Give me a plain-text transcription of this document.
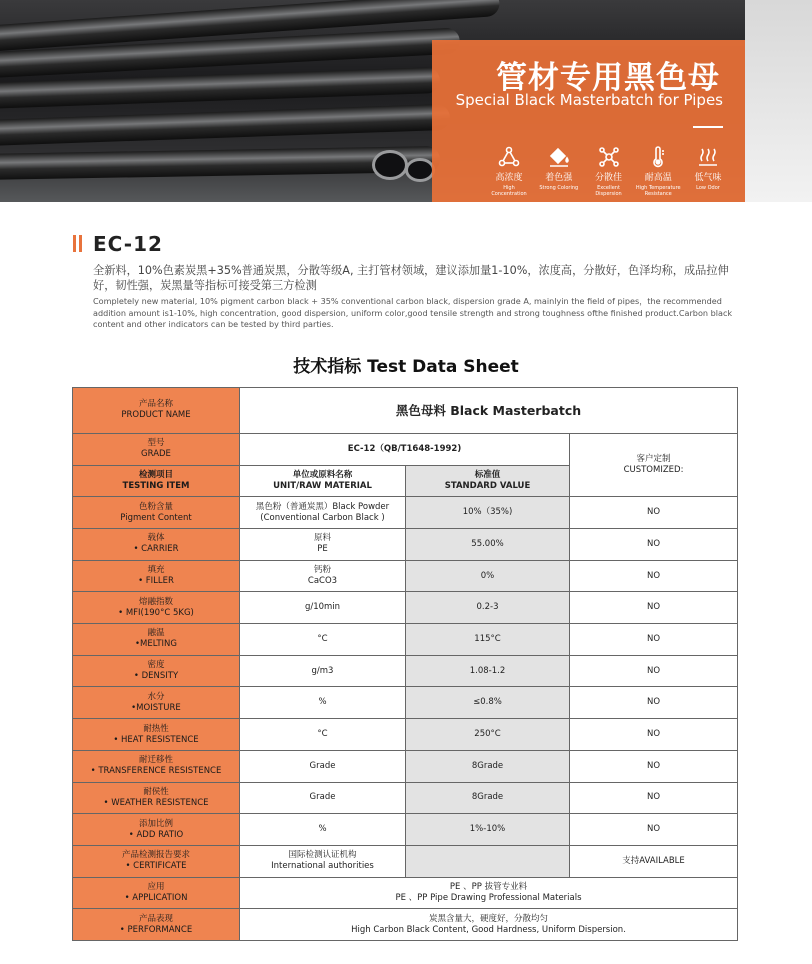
管材专用黑色母
Special Black Masterbatch for Pipes
高浓度
High Concentration
着色强
Strong Coloring
分散佳
Excellent Dispersion
耐高温
High Temperature Resistance
低气味
Low Odor
EC-12
全新料，10%色素炭黑+35%普通炭黑，分散等级A, 主打管材领域，建议添加量1-10%，浓度高，分散好，色泽均称，成品拉伸好，韧性强，炭黑量等指标可接受第三方检测
Completely new material, 10% pigment carbon black + 35% conventional carbon black, dispersion grade A, mainlyin the field of pipes，the recommended addition amount is1-10%, high concentration, good dispersion, uniform color,good tensile strength and strong toughness ofthe finished product.Carbon black content and other indicators can be tested by third parties.
技术指标 Test Data Sheet
产品名称
PRODUCT NAME	黑色母料 Black Masterbatch		

型号
GRADE	EC-12（QB/T1648-1992)		客户定制
CUSTOMIZED:

检测项目
TESTING ITEM	单位或原料名称
UNIT/RAW MATERIAL	标准值
STANDARD VALUE	

色粉含量
Pigment Content	黑色粉（普通炭黑）Black Powder
(Conventional Carbon Black )	10%（35%)	NO

载体
• CARRIER	原料
PE	55.00%	NO

填充
• FILLER	钙粉
CaCO3	0%	NO

熔融指数
• MFI(190°C 5KG)	g/10min	0.2-3	NO

融温
•MELTING	°C	115°C	NO

密度
• DENSITY	g/m3	1.08-1.2	NO

水分
•MOISTURE	%	≤0.8%	NO

耐热性
• HEAT RESISTENCE	°C	250°C	NO

耐迁移性
• TRANSFERENCE RESISTENCE	Grade	8Grade	NO

耐侯性
• WEATHER RESISTENCE	Grade	8Grade	NO

添加比例
• ADD RATIO	%	1%-10%	NO

产品检测报告要求
• CERTIFICATE	国际检测认证机构
International authorities		支持AVAILABLE

应用
• APPLICATION	PE 、PP 拔管专业料
PE 、PP Pipe Drawing Professional Materials		

产品表现
• PERFORMANCE	炭黑含量大，硬度好，分散均匀
High Carbon Black Content, Good Hardness, Uniform Dispersion.		
